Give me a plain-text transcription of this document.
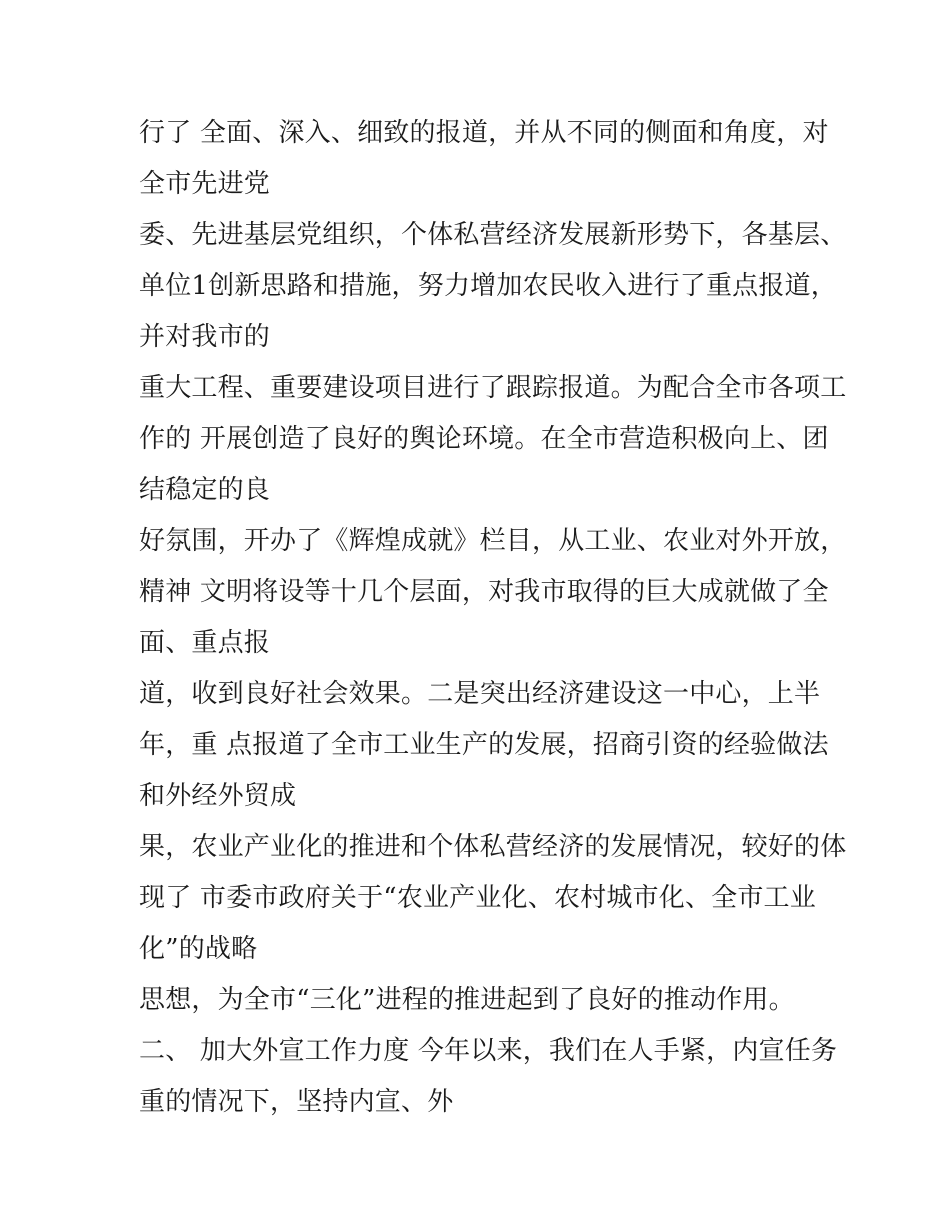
行了 全面、深入、细致的报道，并从不同的侧面和角度，对
全市先进党
委、先进基层党组织，个体私营经济发展新形势下，各基层、
单位1创新思路和措施，努力增加农民收入进行了重点报道，
并对我市的
重大工程、重要建设项目进行了跟踪报道。为配合全市各项工
作的 开展创造了良好的舆论环境。在全市营造积极向上、团
结稳定的良
好氛围，开办了《辉煌成就》栏目，从工业、农业对外开放，
精神 文明将设等十几个层面，对我市取得的巨大成就做了全
面、重点报
道，收到良好社会效果。二是突出经济建设这一中心，上半
年，重 点报道了全市工业生产的发展，招商引资的经验做法
和外经外贸成
果，农业产业化的推进和个体私营经济的发展情况，较好的体
现了 市委市政府关于“农业产业化、农村城市化、全市工业
化”的战略
思想，为全市“三化”进程的推进起到了良好的推动作用。
二、 加大外宣工作力度 今年以来，我们在人手紧，内宣任务
重的情况下，坚持内宣、外
